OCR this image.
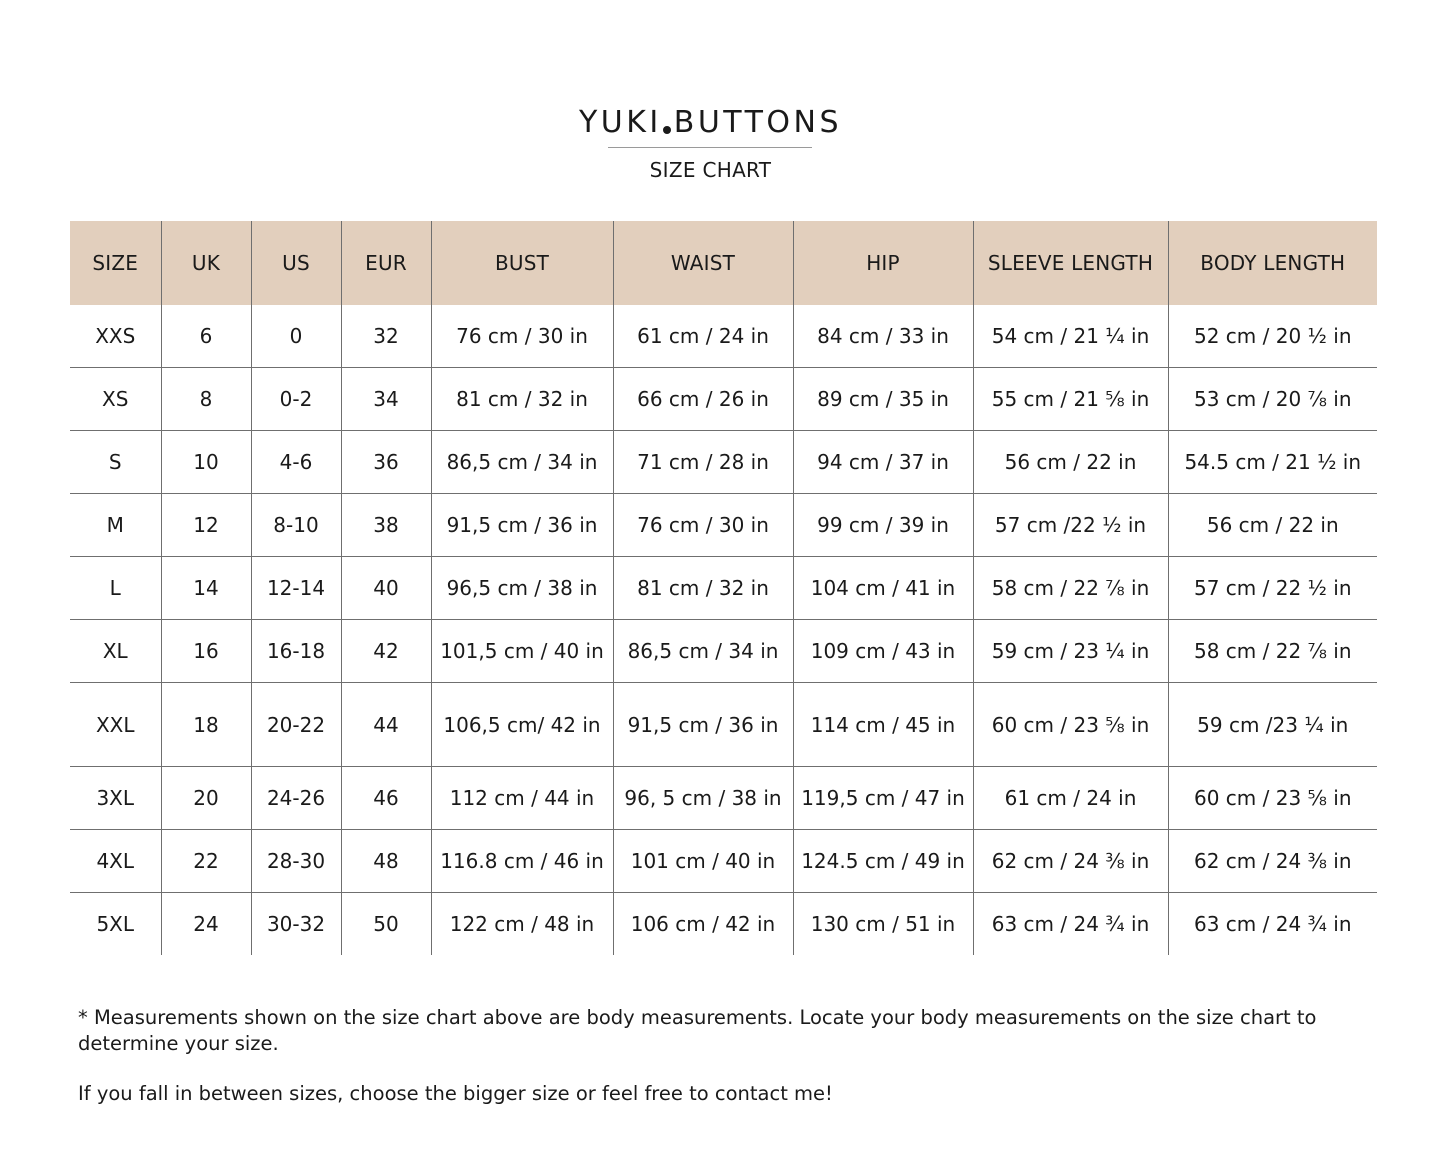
YUKI BUTTONS
SIZE CHART
SIZE	UK	US	EUR	BUST	WAIST	HIP	SLEEVE LENGTH	BODY LENGTH
XXS	6	0	32	76 cm / 30 in	61 cm / 24 in	84 cm / 33 in	54 cm / 21 ¼ in	52 cm / 20 ½ in
XS	8	0-2	34	81 cm / 32 in	66 cm / 26 in	89 cm / 35 in	55 cm / 21 ⅝ in	53 cm / 20 ⅞ in
S	10	4-6	36	86,5 cm / 34 in	71 cm / 28 in	94 cm / 37 in	56 cm / 22 in	54.5 cm / 21 ½ in
M	12	8-10	38	91,5 cm / 36 in	76 cm / 30 in	99 cm / 39 in	57 cm /22 ½ in	56 cm / 22 in
L	14	12-14	40	96,5 cm / 38 in	81 cm / 32 in	104 cm / 41 in	58 cm / 22 ⅞ in	57 cm / 22 ½ in
XL	16	16-18	42	101,5 cm / 40 in	86,5 cm / 34 in	109 cm / 43 in	59 cm / 23 ¼ in	58 cm / 22 ⅞ in
XXL	18	20-22	44	106,5 cm/ 42 in	91,5 cm / 36 in	114 cm / 45 in	60 cm / 23 ⅝ in	59 cm /23 ¼ in
3XL	20	24-26	46	112 cm / 44 in	96, 5 cm / 38 in	119,5 cm / 47 in	61 cm / 24 in	60 cm / 23 ⅝ in
4XL	22	28-30	48	116.8 cm / 46 in	101 cm / 40 in	124.5 cm / 49 in	62 cm / 24 ⅜ in	62 cm / 24 ⅜ in
5XL	24	30-32	50	122 cm / 48 in	106 cm / 42 in	130 cm / 51 in	63 cm / 24 ¾ in	63 cm / 24 ¾ in

* Measurements shown on the size chart above are body measurements. Locate your body measurements on the size chart to determine your size.

If you fall in between sizes, choose the bigger size or feel free to contact me!
